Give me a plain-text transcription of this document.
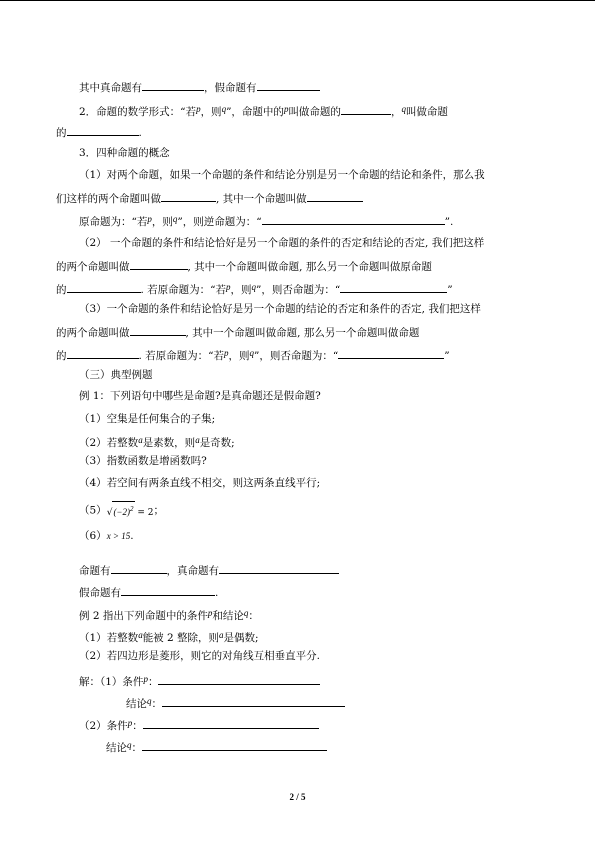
其中真命题有	，假命题有
2．命题的数学形式：“若p，则q”，命题中的p叫做命题的	，q叫做命题
的	.
3．四种命题的概念
（1）对两个命题，如果一个命题的条件和结论分别是另一个命题的结论和条件，那么我
们这样的两个命题叫做	, 其中一个命题叫做
原命题为：“若p，则q”，则逆命题为：“	”.
（2） 一个命题的条件和结论恰好是另一个命题的条件的否定和结论的否定, 我们把这样
的两个命题叫做	, 其中一个命题叫做命题, 那么另一个命题叫做原命题
的	. 若原命题为：“若p，则q”，则否命题为：“	”
（3）一个命题的条件和结论恰好是另一个命题的结论的否定和条件的否定, 我们把这样
的两个命题叫做	, 其中一个命题叫做命题, 那么另一个命题叫做命题
的	. 若原命题为：“若p，则q”，则否命题为：“	”
（三）典型例题
例 1：下列语句中哪些是命题?是真命题还是假命题?
（1）空集是任何集合的子集;
（2）若整数a是素数，则a是奇数;
（3）指数函数是增函数吗?
（4）若空间有两条直线不相交，则这两条直线平行;
$(5)√(-2)^2 = 2$；
（6）x > 15.
命题有	，真命题有
假命题有	.
例 2 指出下列命题中的条件p和结论q：
（1）若整数a能被 2 整除，则a是偶数;
（2）若四边形是菱形，则它的对角线互相垂直平分.
解：（1）条件p：
结论q：
（2）条件p：
结论q：
2 / 5
